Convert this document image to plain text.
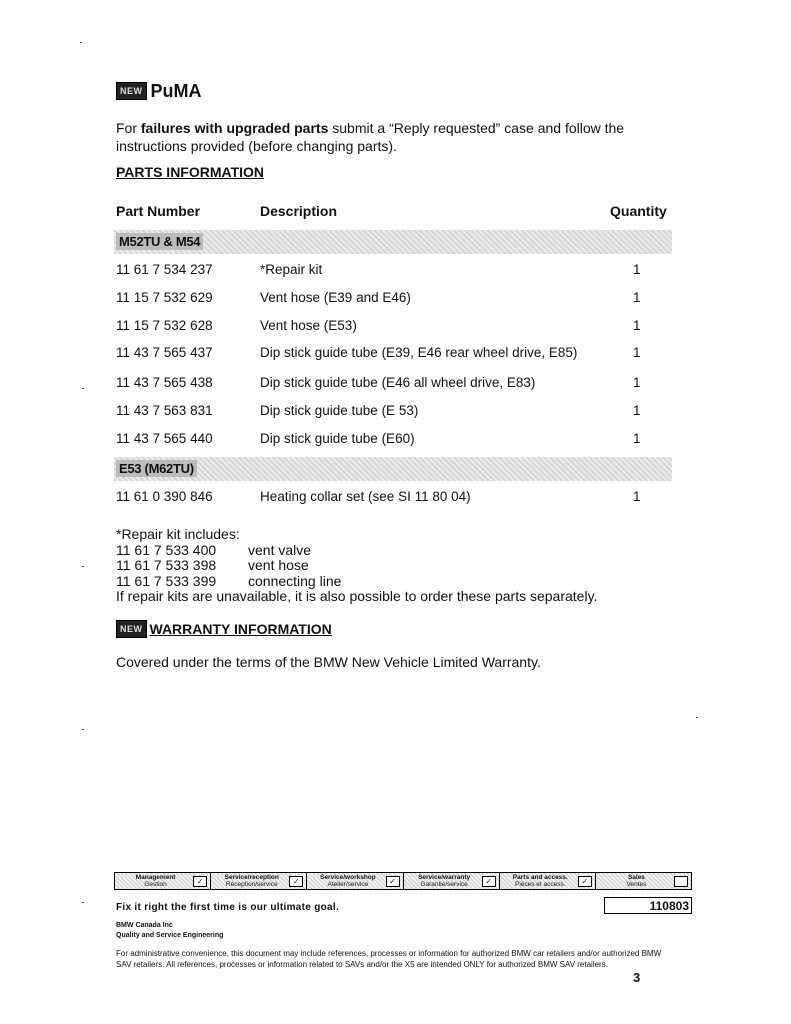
NEW PuMA
For failures with upgraded parts submit a “Reply requested” case and follow the instructions provided (before changing parts).
PARTS INFORMATION
Part Number	Description	Quantity
M52TU & M54
11 61 7 534 237	*Repair kit	1
11 15 7 532 629	Vent hose (E39 and E46)	1
11 15 7 532 628	Vent hose (E53)	1
11 43 7 565 437	Dip stick guide tube (E39, E46 rear wheel drive, E85)	1
11 43 7 565 438	Dip stick guide tube (E46 all wheel drive, E83)	1
11 43 7 563 831	Dip stick guide tube (E 53)	1
11 43 7 565 440	Dip stick guide tube (E60)	1
E53 (M62TU)
11 61 0 390 846	Heating collar set (see SI 11 80 04)	1
*Repair kit includes:
11 61 7 533 400 vent valve
11 61 7 533 398 vent hose
11 61 7 533 399 connecting line
If repair kits are unavailable, it is also possible to order these parts separately.
NEW WARRANTY INFORMATION
Covered under the terms of the BMW New Vehicle Limited Warranty.
Management
Gestion	✓	Service/reception
Réception/service	✓	Service/workshop
Atelier/service	✓	Service/warranty
Garantie/service	✓	Parts and access.
Pièces et access.	✓	Sales
Ventes
Fix it right the first time is our ultimate goal.	110803
BMW Canada Inc
Quality and Service Engineering
For administrative convenience, this document may include references, processes or information for authorized BMW car retailers and/or authorized BMW SAV retailers. All references, processes or information related to SAVs and/or the X5 are intended ONLY for authorized BMW SAV retailers.
3
